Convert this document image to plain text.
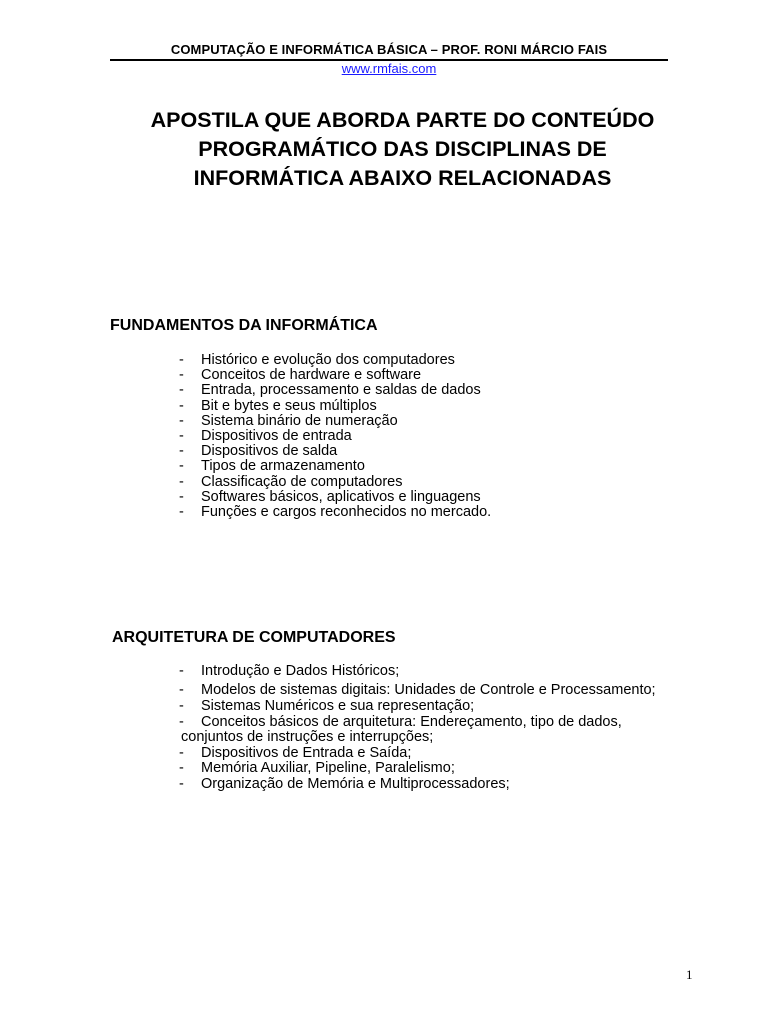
COMPUTAÇÃO E INFORMÁTICA BÁSICA – PROF. RONI MÁRCIO FAIS
www.rmfais.com
APOSTILA QUE ABORDA PARTE DO CONTEÚDO
PROGRAMÁTICO DAS DISCIPLINAS DE
INFORMÁTICA ABAIXO RELACIONADAS
FUNDAMENTOS DA INFORMÁTICA
- Histórico e evolução dos computadores
- Conceitos de hardware e software
- Entrada, processamento e saldas de dados
- Bit e bytes e seus múltiplos
- Sistema binário de numeração
- Dispositivos de entrada
- Dispositivos de salda
- Tipos de armazenamento
- Classificação de computadores
- Softwares básicos, aplicativos e linguagens
- Funções e cargos reconhecidos no mercado.
ARQUITETURA DE COMPUTADORES
- Introdução e Dados Históricos;
- Modelos de sistemas digitais: Unidades de Controle e Processamento;
- Sistemas Numéricos e sua representação;
- Conceitos básicos de arquitetura: Endereçamento, tipo de dados,
conjuntos de instruções e interrupções;
- Dispositivos de Entrada e Saída;
- Memória Auxiliar, Pipeline, Paralelismo;
- Organização de Memória e Multiprocessadores;
1
